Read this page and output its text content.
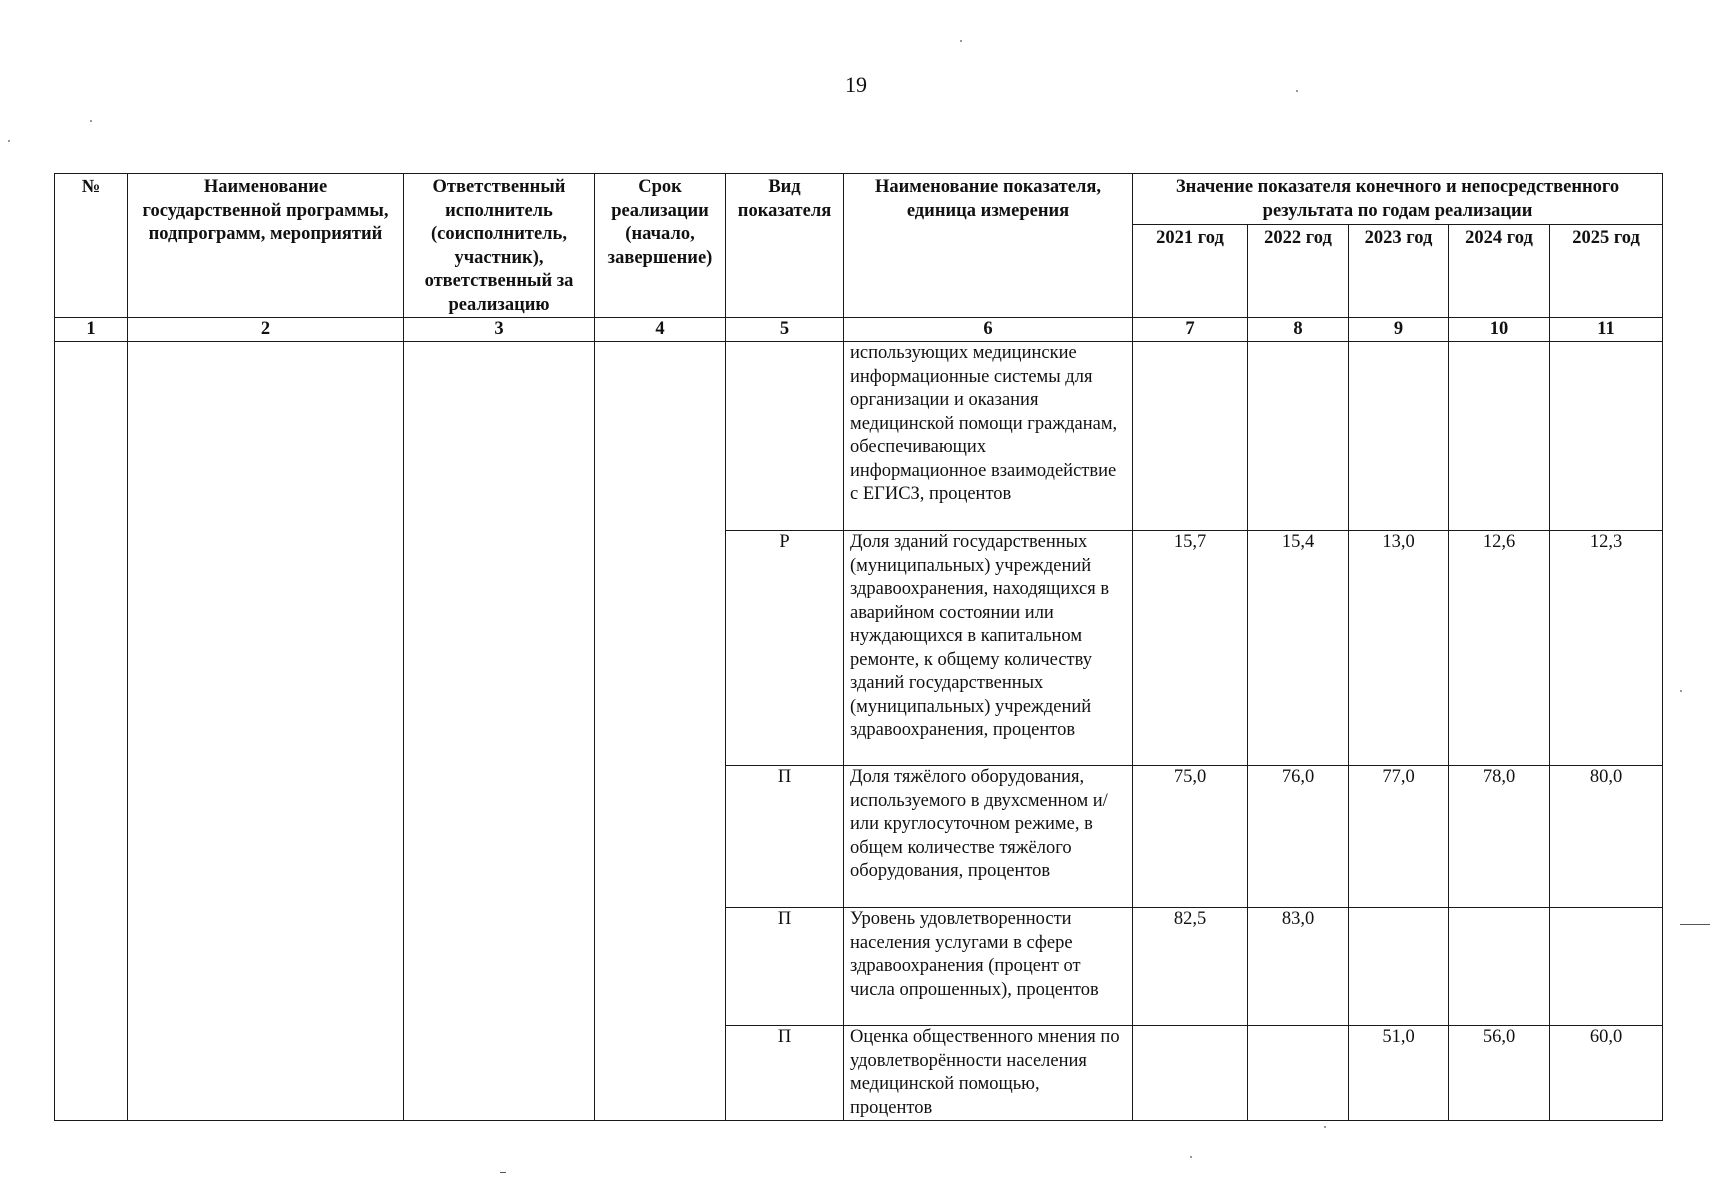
19
№	Наименование государственной программы, подпрограмм, мероприятий	Ответственный исполнитель (соисполнитель, участник), ответственный за реализацию	Срок реализации (начало, завершение)	Вид показателя	Наименование показателя, единица измерения	Значение показателя конечного и непосредственного результата по годам реализации				
						2021 год	2022 год	2023 год	2024 год	2025 год
1	2	3	4	5	6	7	8	9	10	11
					использующих медицинские информационные системы для организации и оказания медицинской помощи гражданам, обеспечивающих информационное взаимодействие с ЕГИСЗ, процентов					
				Р	Доля зданий государственных (муниципальных) учреждений здравоохранения, находящихся в аварийном состоянии или нуждающихся в капитальном ремонте, к общему количеству зданий государственных (муниципальных) учреждений здравоохранения, процентов	15,7	15,4	13,0	12,6	12,3
				П	Доля тяжёлого оборудования, используемого в двухсменном и/или круглосуточном режиме, в общем количестве тяжёлого оборудования, процентов	75,0	76,0	77,0	78,0	80,0
				П	Уровень удовлетворенности населения услугами в сфере здравоохранения (процент от числа опрошенных), процентов	82,5	83,0			
				П	Оценка общественного мнения по удовлетворённости населения медицинской помощью, процентов			51,0	56,0	60,0
